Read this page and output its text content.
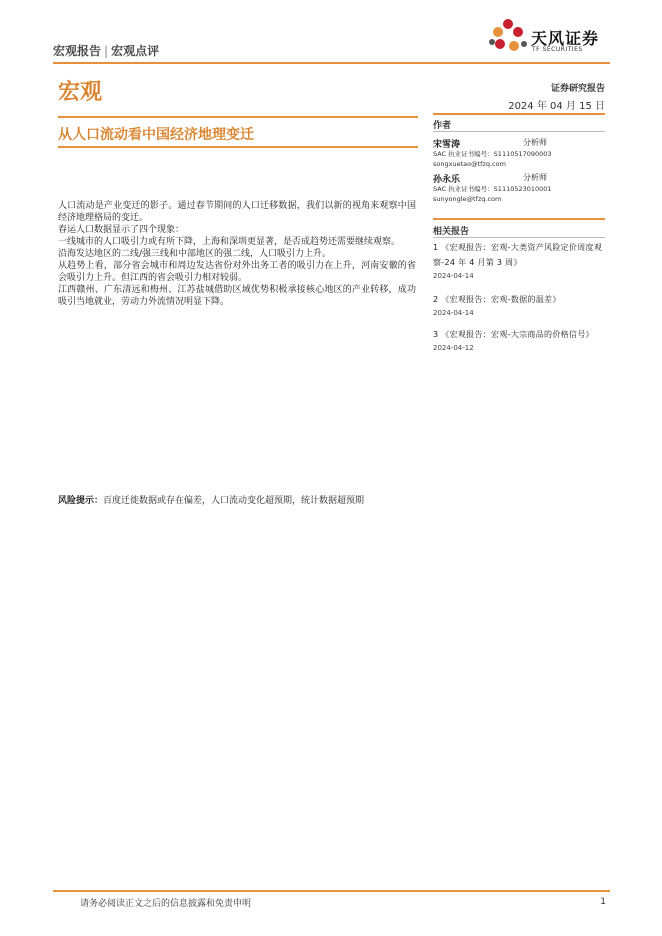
宏观报告 | 宏观点评
天风证券
TF SECURITIES
宏观	证券研究报告
2024 年 04 月 15 日
从人口流动看中国经济地理变迁

人口流动是产业变迁的影子。通过春节期间的人口迁移数据，我们以新的视角来观察中国经济地理格局的变迁。

春运人口数据显示了四个现象：

一线城市的人口吸引力或有所下降，上海和深圳更显著，是否成趋势还需要继续观察。

沿海发达地区的二线/强三线和中部地区的强二线，人口吸引力上升。

从趋势上看，部分省会城市和周边发达省份对外出务工者的吸引力在上升，河南安徽的省会吸引力上升。但江西的省会吸引力相对较弱。

江西赣州、广东清远和梅州、江苏盐城借助区域优势积极承接核心地区的产业转移，成功吸引当地就业，劳动力外流情况明显下降。

风险提示：百度迁徙数据或存在偏差，人口流动变化超预期，统计数据超预期
作者
宋雪涛	分析师
SAC 执业证书编号：S1110517090003
songxuetao@tfzq.com
孙永乐	分析师
SAC 执业证书编号：S1110523010001
sunyongle@tfzq.com
相关报告
1 《宏观报告：宏观-大类资产风险定价周度观察-24 年 4 月第 3 周》
2024-04-14
2 《宏观报告：宏观-数据的温差》
2024-04-14
3 《宏观报告：宏观-大宗商品的价格信号》
2024-04-12
请务必阅读正文之后的信息披露和免责申明	1
